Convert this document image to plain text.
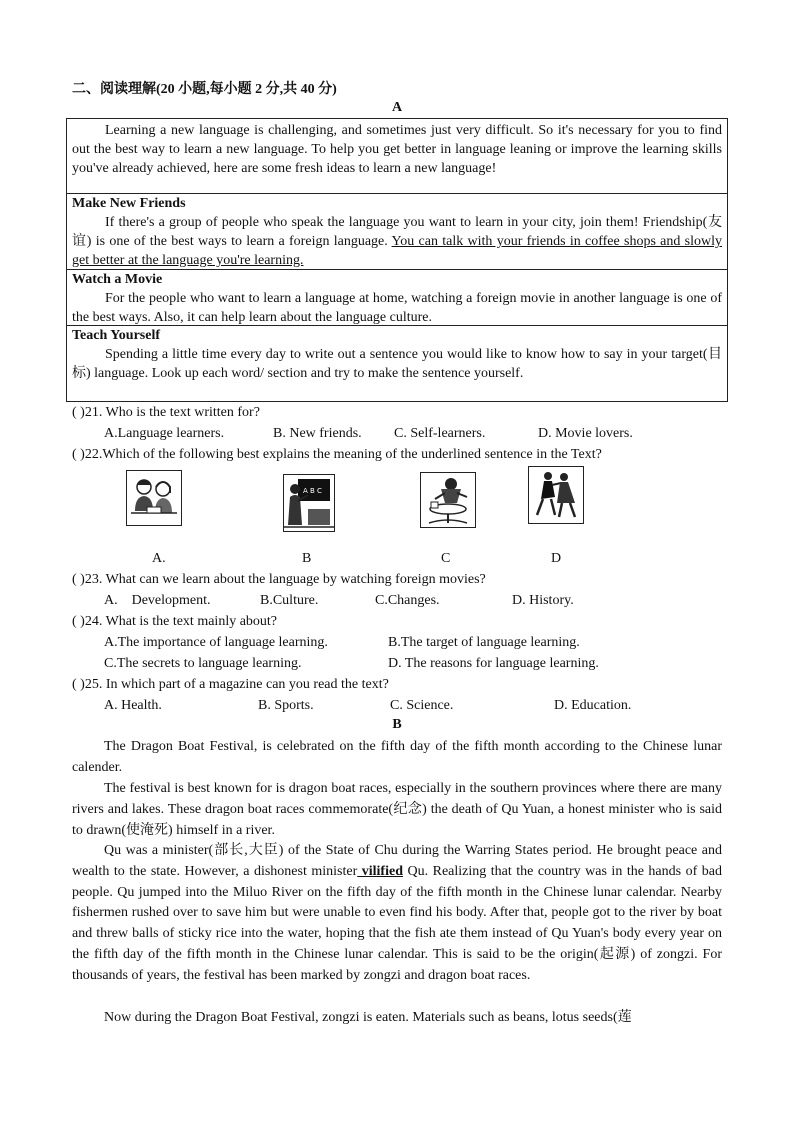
二、阅读理解(20 小题,每小题 2 分,共 40 分)
A

Learning a new language is challenging, and sometimes just very difficult. So it's necessary for you to find out the best way to learn a new language. To help you get better in language leaning or improve the learning skills you've already achieved, here are some fresh ideas to learn a new language!

Make New Friends

If there's a group of people who speak the language you want to learn in your city, join them! Friendship(友谊) is one of the best ways to learn a foreign language. You can talk with your friends in coffee shops and slowly get better at the language you're learning.

Watch a Movie

For the people who want to learn a language at home, watching a foreign movie in another language is one of the best ways. Also, it can help learn about the language culture.

Teach Yourself

Spending a little time every day to write out a sentence you would like to know how to say in your target(目标) language. Look up each word/ section and try to make the sentence yourself.

( )21. Who is the text written for?
A.Language learners.	B. New friends. C. Self-learners.	D. Movie lovers.
( )22.Which of the following best explains the meaning of the underlined sentence in the Text?
A B C
A.	B	C	D
( )23. What can we learn about the language by watching foreign movies?
A.    Development.	B.Culture.	C.Changes.	D. History.
( )24. What is the text mainly about?
A.The importance of language learning.	B.The target of language learning.
C.The secrets to language learning.	D. The reasons for language learning.
( )25. In which part of a magazine can you read the text?
A. Health.	B. Sports.	C. Science.	D. Education.
B
The Dragon Boat Festival, is celebrated on the fifth day of the fifth month according to the Chinese lunar calender.
The festival is best known for is dragon boat races, especially in the southern provinces where there are many rivers and lakes. These dragon boat races commemorate(纪念) the death of Qu Yuan, a honest minister who is said to drawn(使淹死) himself in a river.
Qu was a minister(部长,大臣) of the State of Chu during the Warring States period. He brought peace and wealth to the state. However, a dishonest minister vilified Qu. Realizing that the country was in the hands of bad people. Qu jumped into the Miluo River on the fifth day of the fifth month in the Chinese lunar calendar. Nearby fishermen rushed over to save him but were unable to even find his body. After that, people got to the river by boat and threw balls of sticky rice into the water, hoping that the fish ate them instead of Qu Yuan's body every year on the fifth day of the fifth month in the Chinese lunar calendar. This is said to be the origin(起源) of zongzi. For thousands of years, the festival has been marked by zongzi and dragon boat races.
Now during the Dragon Boat Festival, zongzi is eaten. Materials such as beans, lotus seeds(莲
